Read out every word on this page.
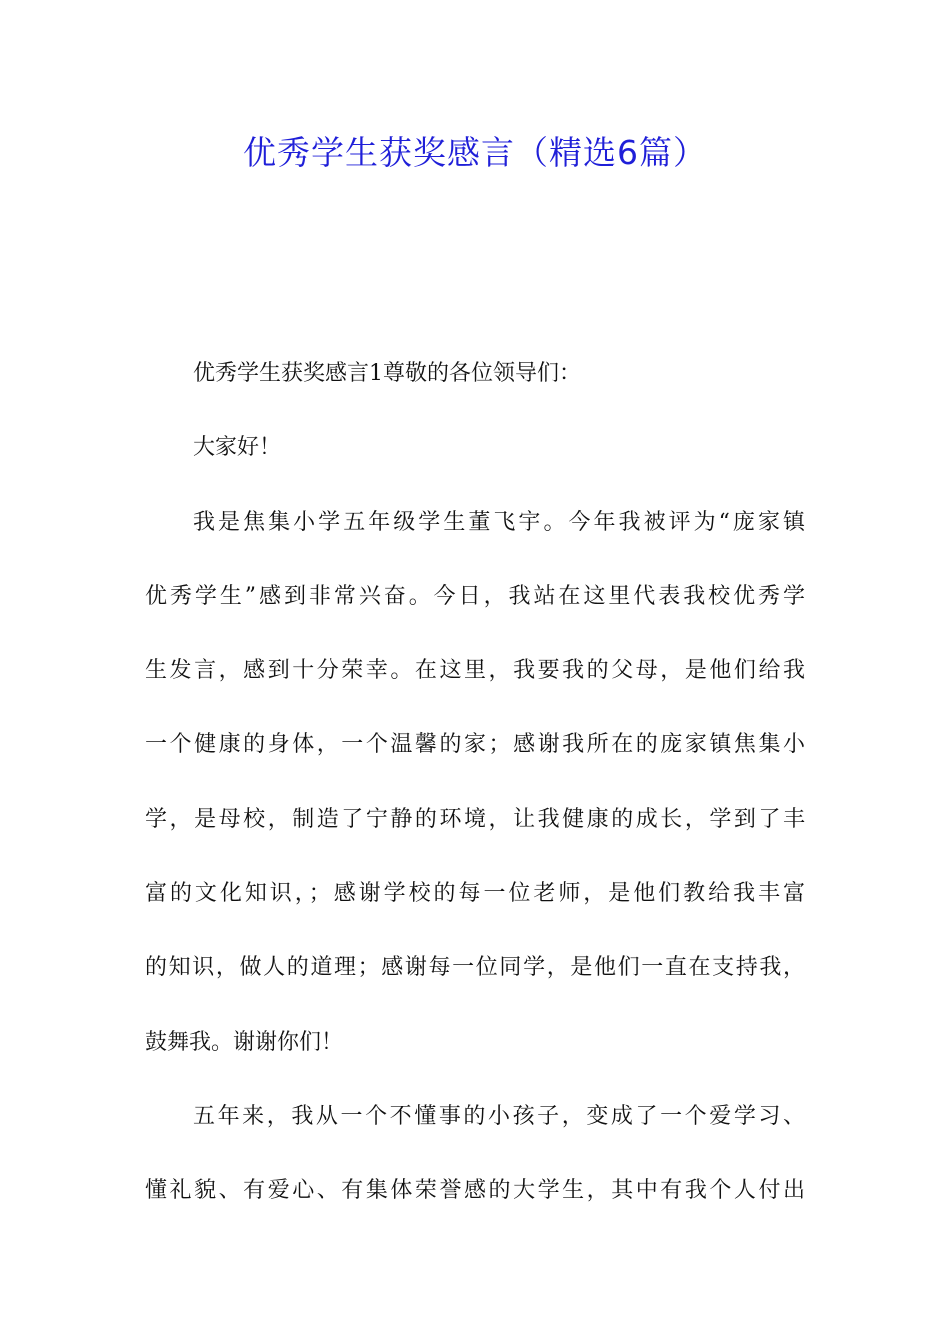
优秀学生获奖感言（精选6篇）

优秀学生获奖感言1尊敬的各位领导们：

大家好！

我是焦集小学五年级学生董飞宇。今年我被评为“庞家镇
优秀学生”感到非常兴奋。今日，我站在这里代表我校优秀学
生发言，感到十分荣幸。在这里，我要我的父母，是他们给我
一个健康的身体，一个温馨的家；感谢我所在的庞家镇焦集小
学，是母校，制造了宁静的环境，让我健康的成长，学到了丰
富的文化知识，；感谢学校的每一位老师，是他们教给我丰富
的知识，做人的道理；感谢每一位同学，是他们一直在支持我，
鼓舞我。谢谢你们！

五年来，我从一个不懂事的小孩子，变成了一个爱学习、
懂礼貌、有爱心、有集体荣誉感的大学生，其中有我个人付出
